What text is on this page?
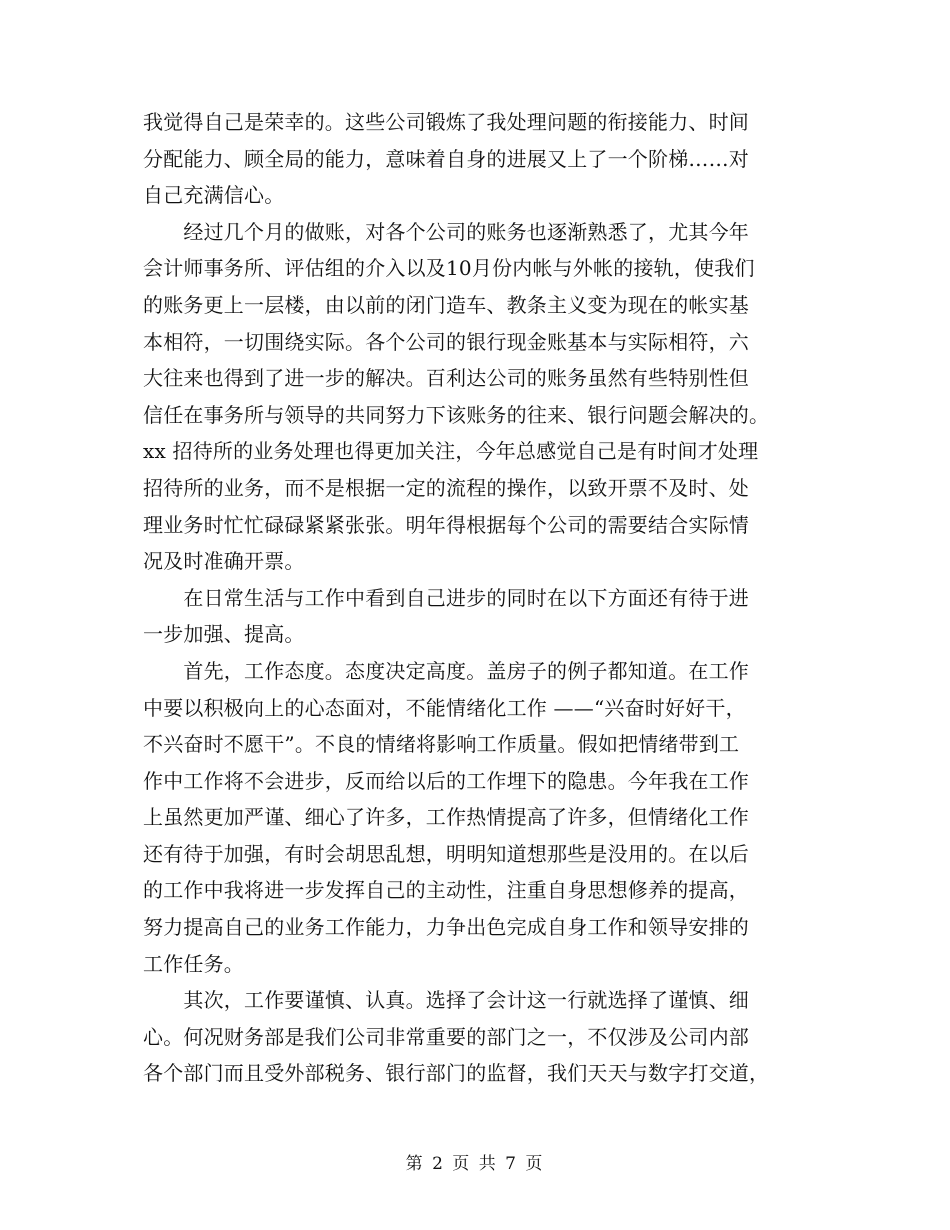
我觉得自己是荣幸的。这些公司锻炼了我处理问题的衔接能力、时间
分配能力、顾全局的能力，意味着自身的进展又上了一个阶梯……对
自己充满信心。
　　经过几个月的做账，对各个公司的账务也逐渐熟悉了，尤其今年
会计师事务所、评估组的介入以及10月份内帐与外帐的接轨，使我们
的账务更上一层楼，由以前的闭门造车、教条主义变为现在的帐实基
本相符，一切围绕实际。各个公司的银行现金账基本与实际相符，六
大往来也得到了进一步的解决。百利达公司的账务虽然有些特别性但
信任在事务所与领导的共同努力下该账务的往来、银行问题会解决的。
xx 招待所的业务处理也得更加关注，今年总感觉自己是有时间才处理
招待所的业务，而不是根据一定的流程的操作，以致开票不及时、处
理业务时忙忙碌碌紧紧张张。明年得根据每个公司的需要结合实际情
况及时准确开票。
　　在日常生活与工作中看到自己进步的同时在以下方面还有待于进
一步加强、提高。
　　首先，工作态度。态度决定高度。盖房子的例子都知道。在工作
中要以积极向上的心态面对，不能情绪化工作 ——“兴奋时好好干，
不兴奋时不愿干”。不良的情绪将影响工作质量。假如把情绪带到工
作中工作将不会进步，反而给以后的工作埋下的隐患。今年我在工作
上虽然更加严谨、细心了许多，工作热情提高了许多，但情绪化工作
还有待于加强，有时会胡思乱想，明明知道想那些是没用的。在以后
的工作中我将进一步发挥自己的主动性，注重自身思想修养的提高，
努力提高自己的业务工作能力，力争出色完成自身工作和领导安排的
工作任务。
　　其次，工作要谨慎、认真。选择了会计这一行就选择了谨慎、细
心。何况财务部是我们公司非常重要的部门之一，不仅涉及公司内部
各个部门而且受外部税务、银行部门的监督，我们天天与数字打交道，
第 2 页 共 7 页
